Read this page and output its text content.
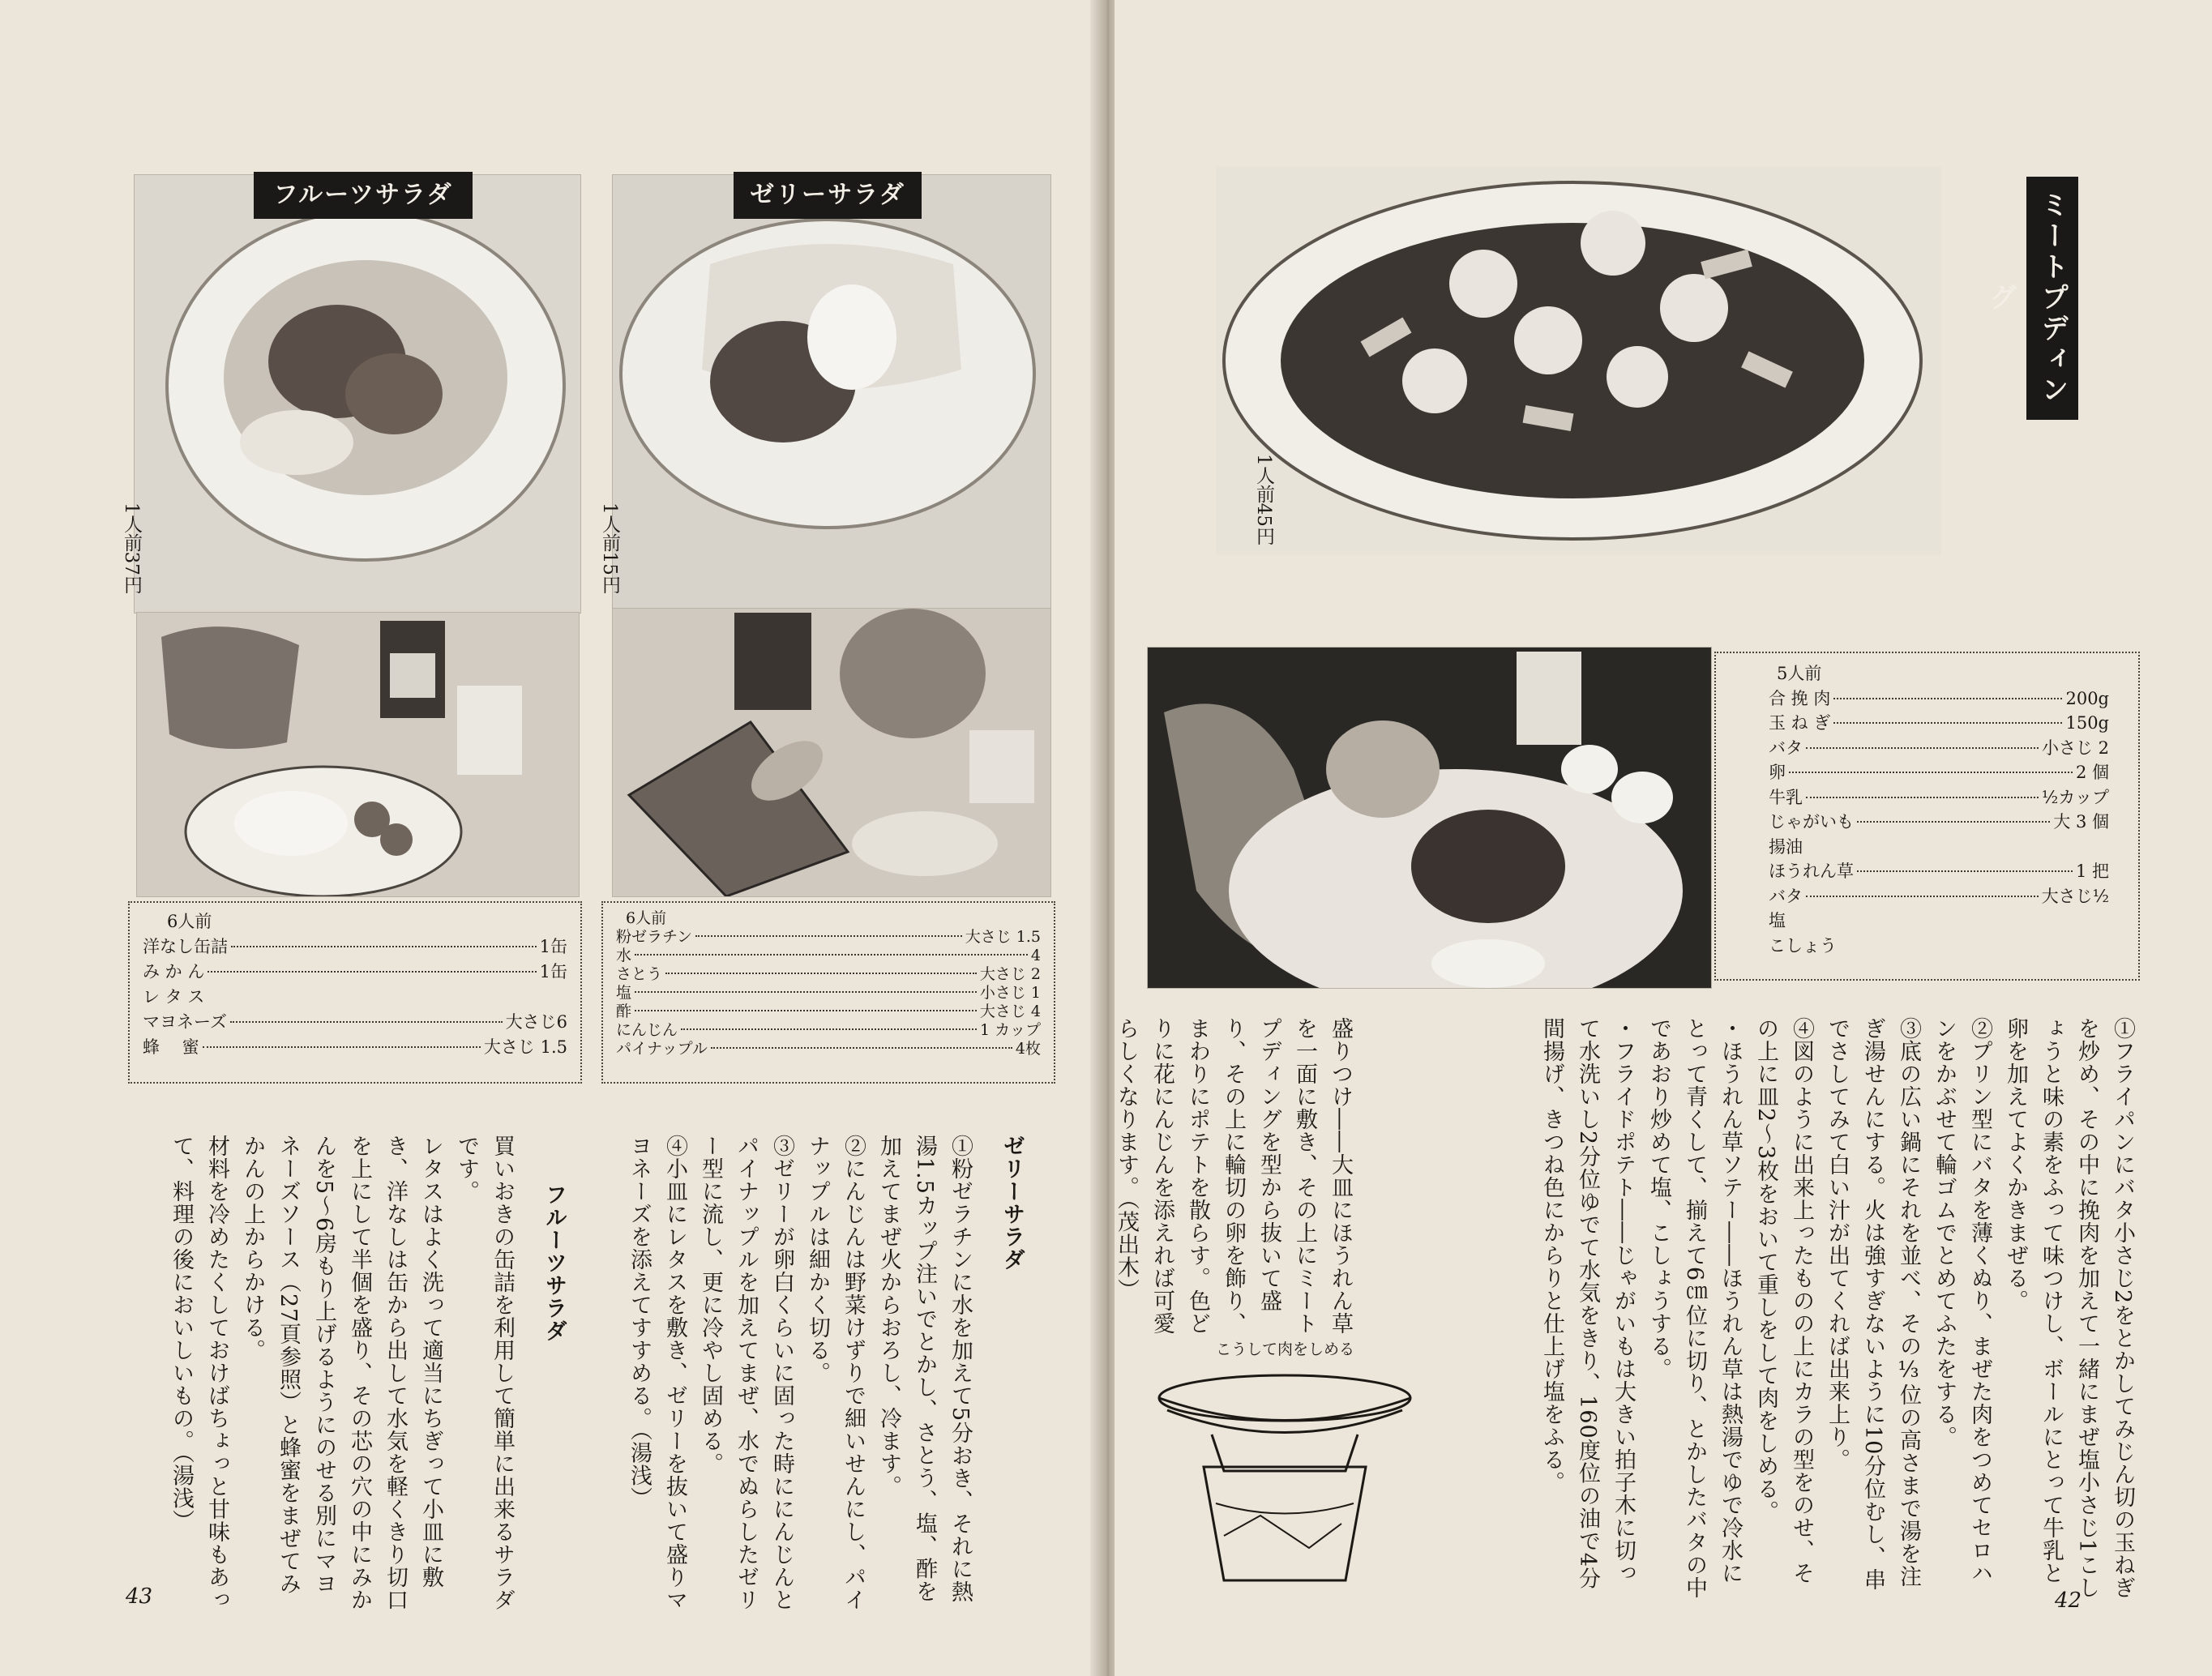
フルーツサラダ	ゼリーサラダ
1人前37円	1人前15円
6人前
洋なし缶詰	1缶
み か ん	1缶
レ タ ス
マヨネーズ	大さじ6
蜂　 蜜	大さじ 1.5
6人前
粉ゼラチン	大さじ 1.5
水	4
さとう	大さじ 2
塩	小さじ 1
酢	大さじ 4
にんじん	1 カップ
パイナップル	4枚

ゼリーサラダ

①粉ゼラチンに水を加えて5分おき、それに熱湯1.5カップ注いでとかし、さとう、塩、酢を加えてまぜ火からおろし、冷ます。

②にんじんは野菜けずりで細いせんにし、パイナップルは細かく切る。

③ゼリーが卵白くらいに固った時ににんじんとパイナップルを加えてまぜ、水でぬらしたゼリー型に流し、更に冷やし固める。

④小皿にレタスを敷き、ゼリーを抜いて盛りマヨネーズを添えてすすめる。（湯浅）

フルーツサラダ

買いおきの缶詰を利用して簡単に出来るサラダです。

レタスはよく洗って適当にちぎって小皿に敷き、洋なしは缶から出して水気を軽くきり切口を上にして半個を盛り、その芯の穴の中にみかんを5～6房もり上げるようにのせる別にマヨネーズソース（27頁参照）と蜂蜜をまぜてみかんの上からかける。

材料を冷めたくしておけばちょっと甘味もあって、料理の後においしいもの。（湯浅）

43
ミートプディング
1人前45円
5人前
合 挽 肉	200g
玉 ね ぎ	150g
バタ	小さじ 2
卵	2 個
牛乳	½カップ
じゃがいも	大 3 個
揚油
ほうれん草	1 把
バタ	大さじ½
塩
こしょう

①フライパンにバタ小さじ2をとかしてみじん切の玉ねぎを炒め、その中に挽肉を加えて一緒にまぜ塩小さじ1こしょうと味の素をふって味つけし、ボールにとって牛乳と卵を加えてよくかきまぜる。

②プリン型にバタを薄くぬり、まぜた肉をつめてセロハンをかぶせて輪ゴムでとめてふたをする。

③底の広い鍋にそれを並べ、その⅓位の高さまで湯を注ぎ湯せんにする。火は強すぎないように10分位むし、串でさしてみて白い汁が出てくれば出来上り。

④図のように出来上ったものの上にカラの型をのせ、その上に皿2～3枚をおいて重しをして肉をしめる。

・ほうれん草ソテー――ほうれん草は熱湯でゆで冷水にとって青くして、揃えて6㎝位に切り、とかしたバタの中であおり炒めて塩、こしょうする。

・フライドポテト――じゃがいもは大きい拍子木に切って水洗いし2分位ゆでて水気をきり、160度位の油で4分間揚げ、きつね色にからりと仕上げ塩をふる。

盛りつけ――大皿にほうれん草を一面に敷き、その上にミートプディングを型から抜いて盛り、その上に輪切の卵を飾り、まわりにポテトを散らす。色どりに花にんじんを添えれば可愛らしくなります。（茂出木）

こうして肉をしめる
42
